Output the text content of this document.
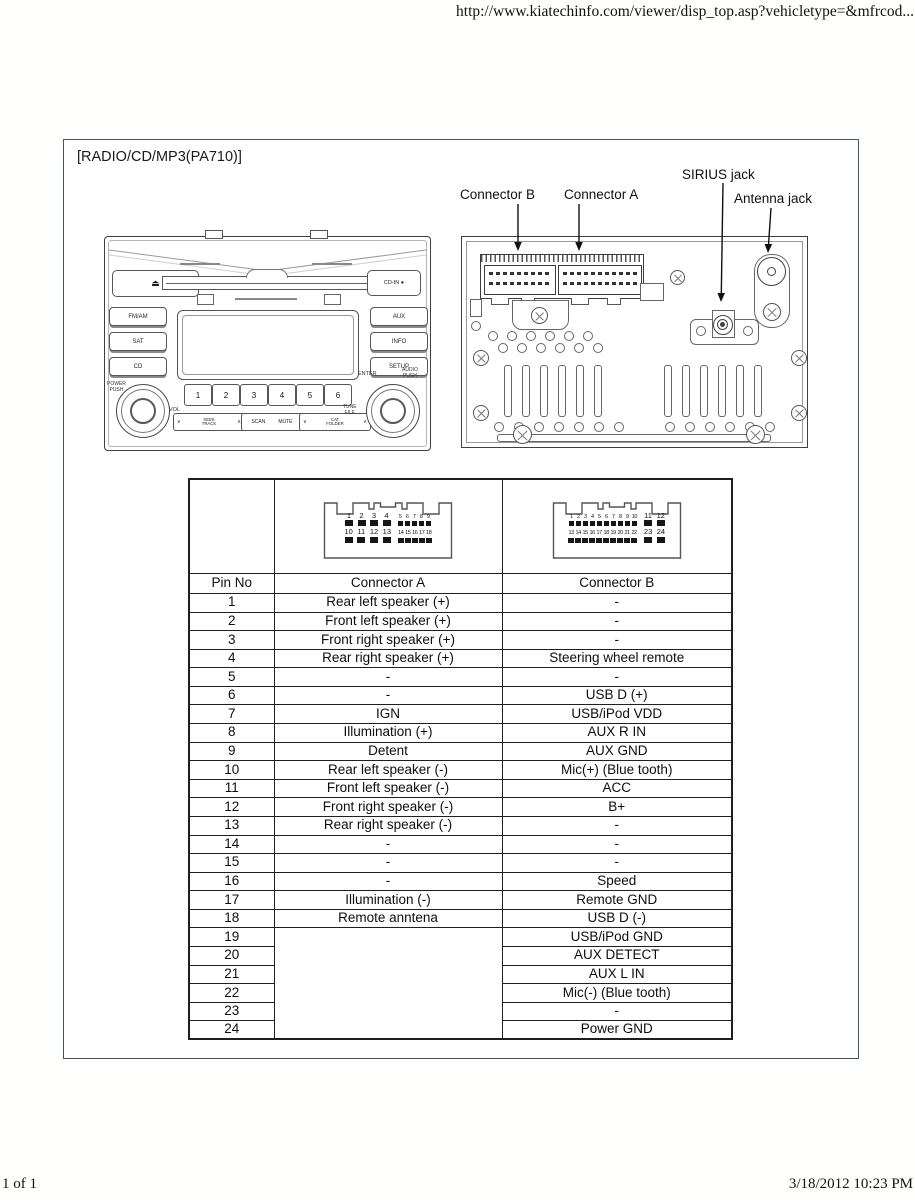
http://www.kiatechinfo.com/viewer/disp_top.asp?vehicletype=&mfrcod...
[RADIO/CD/MP3(PA710)]
⏏	CD-IN ●
FM/AM
SAT
CD
AUX
INFO
SETUP
1	2	3	4	5	6
∨	SEEK
TRACK	∧ SCAN	MUTE ∨	CAT
FOLDER	∧
POWER
PUSH
VOL
ENTER
AUDIO
PUSH
TUNE
FILE
Connector B Connector A
SIRIUS jack
Antenna jack

1 2 3 4 5 6 7 8 9
10 11 12 13 14 15 16 17 18

1 2 3 4 5 6 7 8 9 10 11 12
13 14 15 16 17 18 19 20 21 22 23 24

Pin No	Connector A	Connector B
1	Rear left speaker (+)	-
2	Front left speaker (+)	-
3	Front right speaker (+)	-
4	Rear right speaker (+)	Steering wheel remote
5	-	-
6	-	USB D (+)
7	IGN	USB/iPod VDD
8	Illumination (+)	AUX R IN
9	Detent	AUX GND
10	Rear left speaker (-)	Mic(+) (Blue tooth)
11	Front left speaker (-)	ACC
12	Front right speaker (-)	B+
13	Rear right speaker (-)	-
14	-	-
15	-	-
16	-	Speed
17	Illumination (-)	Remote GND
18	Remote anntena	USB D (-)
19		USB/iPod GND
20		AUX DETECT
21		AUX L IN
22		Mic(-) (Blue tooth)
23		-
24		Power GND
1 of 1	3/18/2012 10:23 PM
